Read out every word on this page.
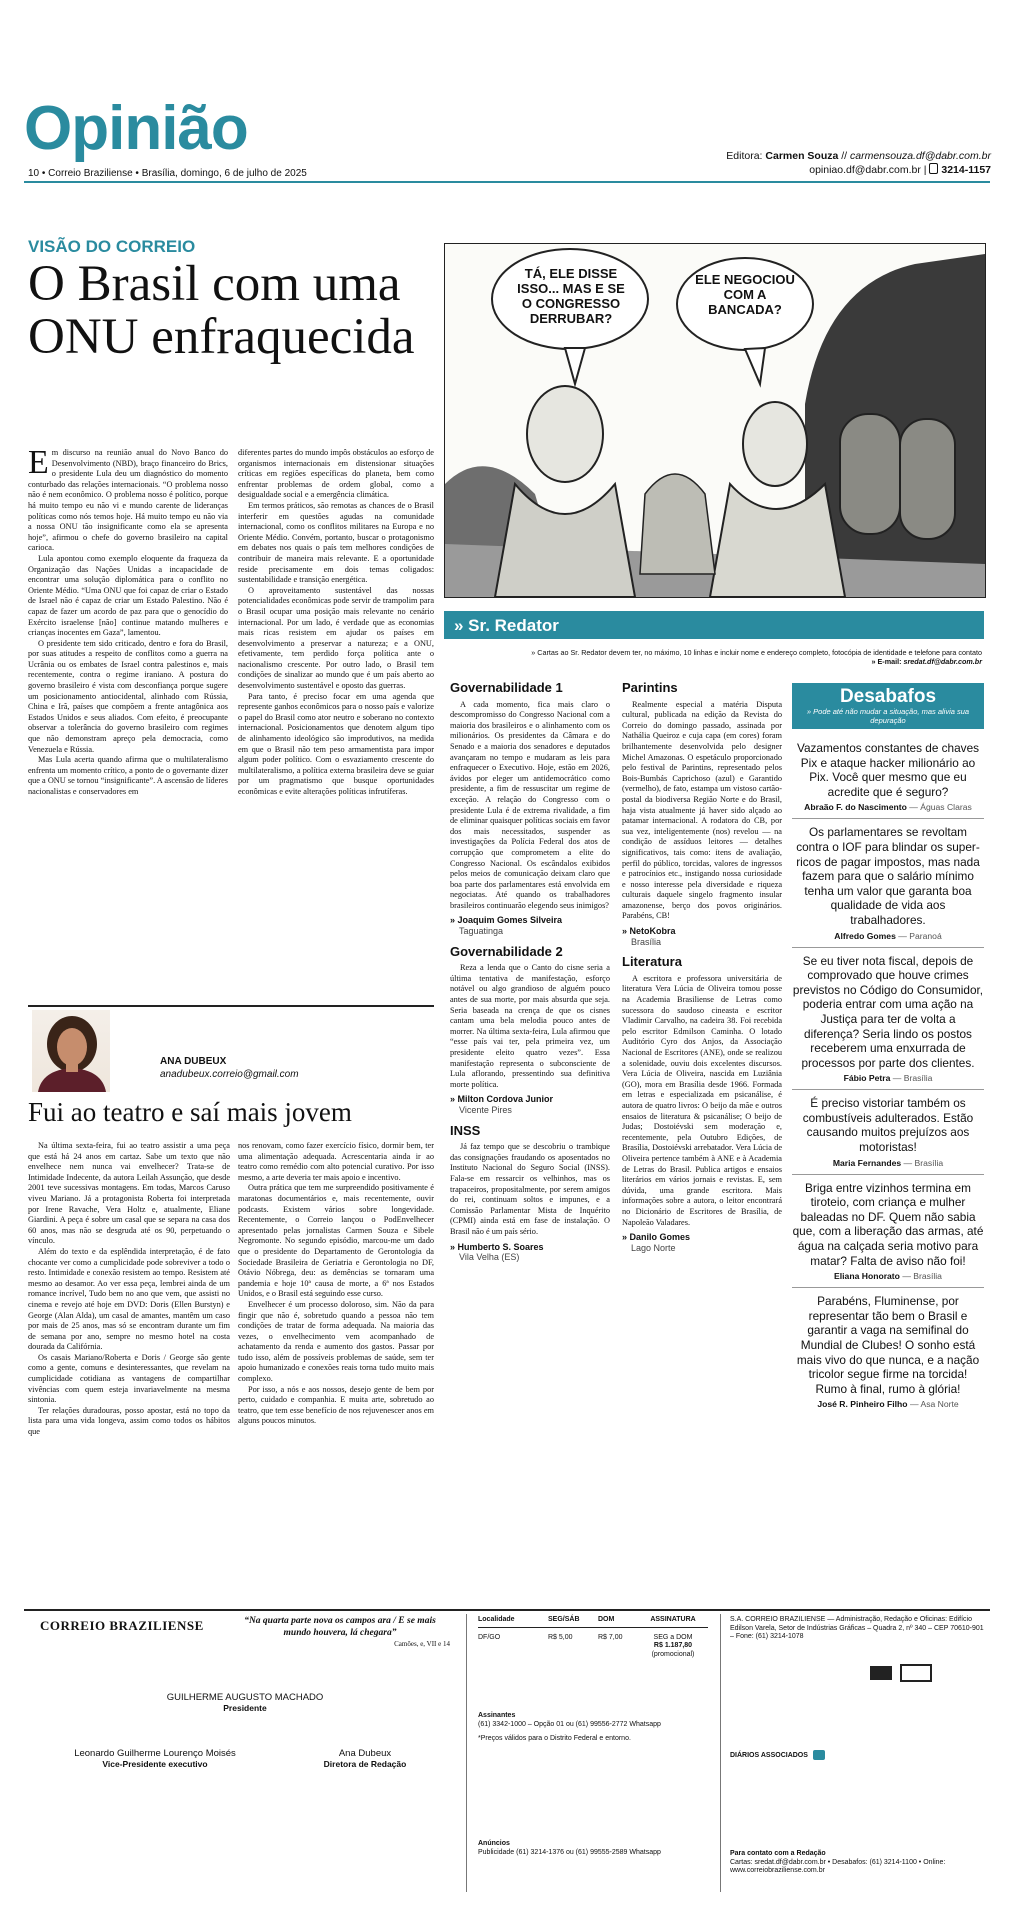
Opinião
10 • Correio Braziliense • Brasília, domingo, 6 de julho de 2025
Editora: Carmen Souza // carmensouza.df@dabr.com.br
opiniao.df@dabr.com.br |  3214-1157
VISÃO DO CORREIO
O Brasil com uma ONU enfraquecida

Em discurso na reunião anual do Novo Banco do Desenvolvimento (NBD), braço financeiro do Brics, o presidente Lula deu um diagnóstico do momento conturbado das relações internacionais. “O problema nosso não é nem econômico. O problema nosso é político, porque há muito tempo eu não vi e mundo carente de lideranças políticas como nós temos hoje. Há muito tempo eu não via a nossa ONU tão insignificante como ela se apresenta hoje”, afirmou o chefe do governo brasileiro na capital carioca.

Lula apontou como exemplo eloquente da fraqueza da Organização das Nações Unidas a incapacidade de encontrar uma solução diplomática para o conflito no Oriente Médio. “Uma ONU que foi capaz de criar o Estado de Israel não é capaz de criar um Estado Palestino. Não é capaz de fazer um acordo de paz para que o genocídio do Exército israelense [não] continue matando mulheres e crianças inocentes em Gaza”, lamentou.

O presidente tem sido criticado, dentro e fora do Brasil, por suas atitudes a respeito de conflitos como a guerra na Ucrânia ou os embates de Israel contra palestinos e, mais recentemente, contra o regime iraniano. A postura do governo brasileiro é vista com desconfiança porque sugere um posicionamento antiocidental, alinhado com Rússia, China e Irã, países que compõem a frente antagônica aos Estados Unidos e seus aliados. Com efeito, é preocupante observar a tolerância do governo brasileiro com regimes que não demonstram apreço pela democracia, como Venezuela e Rússia.

Mas Lula acerta quando afirma que o multilateralismo enfrenta um momento crítico, a ponto de o governante dizer que a ONU se tornou “insignificante”. A ascensão de líderes nacionalistas e conservadores em

diferentes partes do mundo impôs obstáculos ao esforço de organismos internacionais em distensionar situações críticas em regiões específicas do planeta, bem como enfrentar problemas de ordem global, como a desigualdade social e a emergência climática.

Em termos práticos, são remotas as chances de o Brasil interferir em questões agudas na comunidade internacional, como os conflitos militares na Europa e no Oriente Médio. Convém, portanto, buscar o protagonismo em debates nos quais o país tem melhores condições de contribuir de maneira mais relevante. E a oportunidade reside precisamente em dois temas coligados: sustentabilidade e transição energética.

O aproveitamento sustentável das nossas potencialidades econômicas pode servir de trampolim para o Brasil ocupar uma posição mais relevante no cenário internacional. Por um lado, é verdade que as economias mais ricas resistem em ajudar os países em desenvolvimento a preservar a natureza; e a ONU, efetivamente, tem perdido força política ante o nacionalismo crescente. Por outro lado, o Brasil tem condições de sinalizar ao mundo que é um país aberto ao desenvolvimento sustentável e oposto das guerras.

Para tanto, é preciso focar em uma agenda que represente ganhos econômicos para o nosso país e valorize o papel do Brasil como ator neutro e soberano no contexto internacional. Posicionamentos que denotem algum tipo de alinhamento ideológico são improdutivos, na medida em que o Brasil não tem peso armamentista para impor algum poder político. Com o esvaziamento crescente do multilateralismo, a política externa brasileira deve se guiar por um pragmatismo que busque oportunidades econômicas e evite alterações políticas infrutíferas.

ANA DUBEUX
anadubeux.correio@gmail.com
Fui ao teatro e saí mais jovem

Na última sexta-feira, fui ao teatro assistir a uma peça que está há 24 anos em cartaz. Sabe um texto que não envelhece nem nunca vai envelhecer? Trata-se de Intimidade Indecente, da autora Leilah Assunção, que desde 2001 teve sucessivas montagens. Em todas, Marcos Caruso viveu Mariano. Já a protagonista Roberta foi interpretada por Irene Ravache, Vera Holtz e, atualmente, Eliane Giardini. A peça é sobre um casal que se separa na casa dos 60 anos, mas não se desgruda até os 90, perpetuando o vínculo.

Além do texto e da esplêndida interpretação, é de fato chocante ver como a cumplicidade pode sobreviver a todo o resto. Intimidade e conexão resistem ao tempo. Resistem até mesmo ao desamor. Ao ver essa peça, lembrei ainda de um romance incrível, Tudo bem no ano que vem, que assisti no cinema e revejo até hoje em DVD: Doris (Ellen Burstyn) e George (Alan Alda), um casal de amantes, mantêm um caso por mais de 25 anos, mas só se encontram durante um fim de semana por ano, sempre no mesmo hotel na costa dourada da Califórnia.

Os casais Mariano/Roberta e Doris / George são gente como a gente, comuns e desinteressantes, que revelam na cumplicidade cotidiana as vantagens de compartilhar vivências com quem esteja invariavelmente na mesma sintonia.

Ter relações duradouras, posso apostar, está no topo da lista para uma vida longeva, assim como todos os hábitos que

nos renovam, como fazer exercício físico, dormir bem, ter uma alimentação adequada. Acrescentaria ainda ir ao teatro como remédio com alto potencial curativo. Por isso mesmo, a arte deveria ter mais apoio e incentivo.

Outra prática que tem me surpreendido positivamente é maratonas documentários e, mais recentemente, ouvir podcasts. Existem vários sobre longevidade. Recentemente, o Correio lançou o PodEnvelhecer apresentado pelas jornalistas Carmen Souza e Sibele Negromonte. No segundo episódio, marcou-me um dado que o presidente do Departamento de Gerontologia da Sociedade Brasileira de Geriatria e Gerontologia no DF, Otávio Nóbrega, deu: as demências se tornaram uma pandemia e hoje 10ª causa de morte, a 6ª nos Estados Unidos, e o Brasil está seguindo esse curso.

Envelhecer é um processo doloroso, sim. Não da para fingir que não é, sobretudo quando a pessoa não tem condições de tratar de forma adequada. Na maioria das vezes, o envelhecimento vem acompanhado de achatamento da renda e aumento dos gastos. Passar por tudo isso, além de possíveis problemas de saúde, sem ter apoio humanizado e conexões reais torna tudo muito mais complexo.

Por isso, a nós e aos nossos, desejo gente de bem por perto, cuidado e companhia. E muita arte, sobretudo ao teatro, que tem esse benefício de nos rejuvenescer anos em alguns poucos minutos.

TÁ, ELE DISSE ISSO... MAS E SE O CONGRESSO DERRUBAR?
ELE NEGOCIOU COM A BANCADA?
» Sr. Redator
» Cartas ao Sr. Redator devem ter, no máximo, 10 linhas e incluir nome e endereço completo, fotocópia de identidade e telefone para contato
» E-mail: sredat.df@dabr.com.br
Governabilidade 1

A cada momento, fica mais claro o descompromisso do Congresso Nacional com a maioria dos brasileiros e o alinhamento com os milionários. Os presidentes da Câmara e do Senado e a maioria dos senadores e deputados avançaram no tempo e mudaram as leis para enfraquecer o Executivo. Hoje, estão em 2026, ávidos por eleger um antidemocrático como presidente, a fim de ressuscitar um regime de exceção. A relação do Congresso com o presidente Lula é de extrema rivalidade, a fim de eliminar quaisquer políticas sociais em favor dos mais necessitados, suspender as investigações da Polícia Federal dos atos de corrupção que comprometem a elite do Congresso Nacional. Os escândalos exibidos pelos meios de comunicação deixam claro que boa parte dos parlamentares está envolvida em negociatas. Até quando os trabalhadores brasileiros continuarão elegendo seus inimigos?

» Joaquim Gomes Silveira
Taguatinga
Governabilidade 2

Reza a lenda que o Canto do cisne seria a última tentativa de manifestação, esforço notável ou algo grandioso de alguém pouco antes de sua morte, por mais absurda que seja. Seria baseada na crença de que os cisnes cantam uma bela melodia pouco antes de morrer. Na última sexta-feira, Lula afirmou que “esse país vai ter, pela primeira vez, um presidente eleito quatro vezes”. Essa manifestação representa o subconsciente de Lula aflorando, pressentindo sua definitiva morte política.

» Milton Cordova Junior
Vicente Pires
INSS

Já faz tempo que se descobriu o trambique das consignações fraudando os aposentados no Instituto Nacional do Seguro Social (INSS). Fala-se em ressarcir os velhinhos, mas os trapaceiros, propositalmente, por serem amigos do rei, continuam soltos e impunes, e a Comissão Parlamentar Mista de Inquérito (CPMI) ainda está em fase de instalação. O Brasil não é um país sério.

» Humberto S. Soares
Vila Velha (ES)
Parintins

Realmente especial a matéria Disputa cultural, publicada na edição da Revista do Correio do domingo passado, assinada por Nathália Queiroz e cuja capa (em cores) foram brilhantemente desenvolvida pelo designer Michel Amazonas. O espetáculo proporcionado pelo festival de Parintins, representado pelos Bois-Bumbás Caprichoso (azul) e Garantido (vermelho), de fato, estampa um vistoso cartão-postal da biodiversa Região Norte e do Brasil, haja vista atualmente já haver sido alçado ao patamar internacional. A rodatora do CB, por sua vez, inteligentemente (nos) revelou — na condição de assíduos leitores — detalhes significativos, tais como: itens de avaliação, perfil do público, torcidas, valores de ingressos e patrocínios etc., instigando nossa curiosidade e nosso interesse pela diversidade e riqueza culturais daquele singelo fragmento insular amazonense, berço dos povos originários. Parabéns, CB!

» NetoKobra
Brasília
Literatura

A escritora e professora universitária de literatura Vera Lúcia de Oliveira tomou posse na Academia Brasiliense de Letras como sucessora do saudoso cineasta e escritor Vladimir Carvalho, na cadeira 38. Foi recebida pelo escritor Edmilson Caminha. O lotado Auditório Cyro dos Anjos, da Associação Nacional de Escritores (ANE), onde se realizou a solenidade, ouviu dois excelentes discursos. Vera Lúcia de Oliveira, nascida em Luziânia (GO), mora em Brasília desde 1966. Formada em letras e especializada em psicanálise, é autora de quatro livros: O beijo da mãe e outros ensaios de literatura & psicanálise; O beijo de Judas; Dostoiévski sem moderação e, recentemente, pela Outubro Edições, de Brasília, Dostoiévski arrebatador. Vera Lúcia de Oliveira pertence também à ANE e à Academia de Letras do Brasil. Publica artigos e ensaios literários em vários jornais e revistas. E, sem dúvida, uma grande escritora. Mais informações sobre a autora, o leitor encontrará no Dicionário de Escritores de Brasília, de Napoleão Valadares.

» Danilo Gomes
Lago Norte
Desabafos
» Pode até não mudar a situação, mas alivia sua depuração

Vazamentos constantes de chaves Pix e ataque hacker milionário ao Pix. Você quer mesmo que eu acredite que é seguro?

Abraão F. do Nascimento — Águas Claras

Os parlamentares se revoltam contra o IOF para blindar os super-ricos de pagar impostos, mas nada fazem para que o salário mínimo tenha um valor que garanta boa qualidade de vida aos trabalhadores.

Alfredo Gomes — Paranoá

Se eu tiver nota fiscal, depois de comprovado que houve crimes previstos no Código do Consumidor, poderia entrar com uma ação na Justiça para ter de volta a diferença? Seria lindo os postos receberem uma enxurrada de processos por parte dos clientes.

Fábio Petra — Brasília

É preciso vistoriar também os combustíveis adulterados. Estão causando muitos prejuízos aos motoristas!

Maria Fernandes — Brasília

Briga entre vizinhos termina em tiroteio, com criança e mulher baleadas no DF. Quem não sabia que, com a liberação das armas, até água na calçada seria motivo para matar? Falta de aviso não foi!

Eliana Honorato — Brasília

Parabéns, Fluminense, por representar tão bem o Brasil e garantir a vaga na semifinal do Mundial de Clubes! O sonho está mais vivo do que nunca, e a nação tricolor segue firme na torcida! Rumo à final, rumo à glória!

José R. Pinheiro Filho — Asa Norte

CORREIO BRAZILIENSE	“Na quarta parte nova os campos ara / E se mais mundo houvera, lá chegara”
Camões, e, VII e 14
GUILHERME AUGUSTO MACHADO
Presidente
Leonardo Guilherme Lourenço Moisés
Vice-Presidente executivo
Ana Dubeux
Diretora de Redação
Localidade	SEG/SÁB	DOM	ASSINATURA
DF/GO	R$ 5,00	R$ 7,00	SEG a DOM
R$ 1.187,80
(promocional)
Assinantes
(61) 3342-1000 – Opção 01 ou (61) 99556-2772 Whatsapp
*Preços válidos para o Distrito Federal e entorno.
Anúncios
Publicidade (61) 3214-1376 ou (61) 99555-2589 Whatsapp
S.A. CORREIO BRAZILIENSE — Administração, Redação e Oficinas: Edifício Edilson Varela, Setor de Indústrias Gráficas – Quadra 2, nº 340 – CEP 70610-901 – Fone: (61) 3214-1078

DIÁRIOS ASSOCIADOS
Para contato com a Redação
Cartas: sredat.df@dabr.com.br • Desabafos: (61) 3214-1100 • Online: www.correiobraziliense.com.br
